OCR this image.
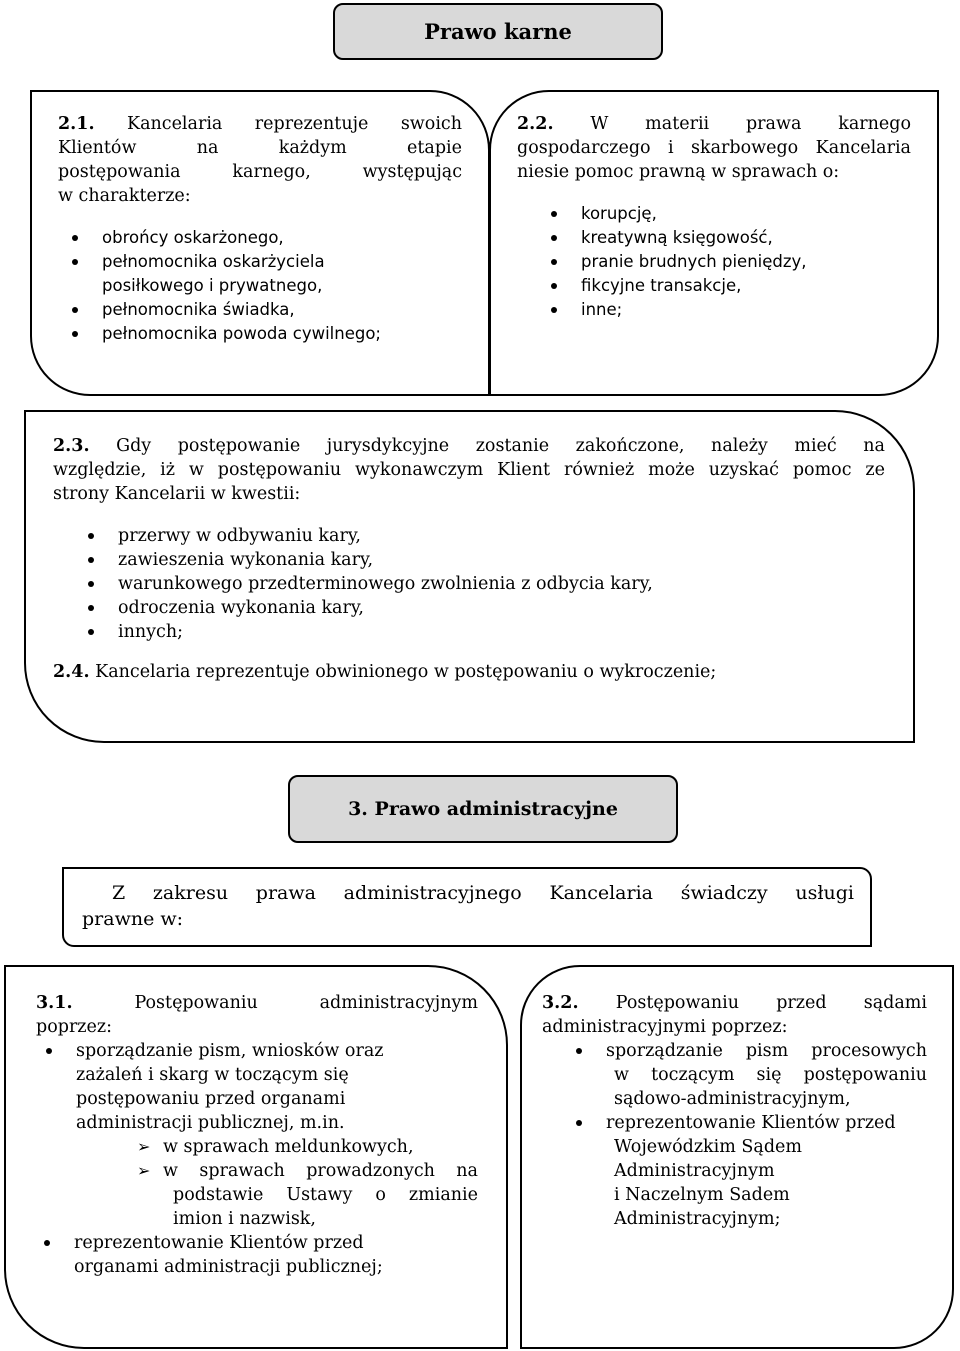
Prawo karne
2.1. Kancelaria reprezentuje swoich
Klientów na każdym etapie
postępowania karnego, występując
w charakterze:
obrońcy oskarżonego,
pełnomocnika oskarżyciela
posiłkowego i prywatnego,
pełnomocnika świadka,
pełnomocnika powoda cywilnego;
2.2. W materii prawa karnego
gospodarczego i skarbowego Kancelaria
niesie pomoc prawną w sprawach o:
korupcję,
kreatywną księgowość,
pranie brudnych pieniędzy,
fikcyjne transakcje,
inne;
2.3. Gdy postępowanie jurysdykcyjne zostanie zakończone, należy mieć na
względzie, iż w postępowaniu wykonawczym Klient również może uzyskać pomoc ze
strony Kancelarii w kwestii:
przerwy w odbywaniu kary,
zawieszenia wykonania kary,
warunkowego przedterminowego zwolnienia z odbycia kary,
odroczenia wykonania kary,
innych;
2.4. Kancelaria reprezentuje obwinionego w postępowaniu o wykroczenie;
3. Prawo administracyjne
Z zakresu prawa administracyjnego Kancelaria świadczy usługi
prawne w:
3.1.	Postępowaniu administracyjnym
poprzez:
sporządzanie pism, wniosków oraz
zażaleń i skarg w toczącym się
postępowaniu przed organami
administracji publicznej, m.in.
➢ w sprawach meldunkowych,
➢ w sprawach prowadzonych na
podstawie Ustawy o zmianie
imion i nazwisk,
reprezentowanie Klientów przed
organami administracji publicznej;
3.2. Postępowaniu przed sądami
administracyjnymi poprzez:
sporządzanie pism procesowych
w toczącym się postępowaniu
sądowo-administracyjnym,
reprezentowanie Klientów przed
Wojewódzkim Sądem
Administracyjnym
i Naczelnym Sadem
Administracyjnym;
